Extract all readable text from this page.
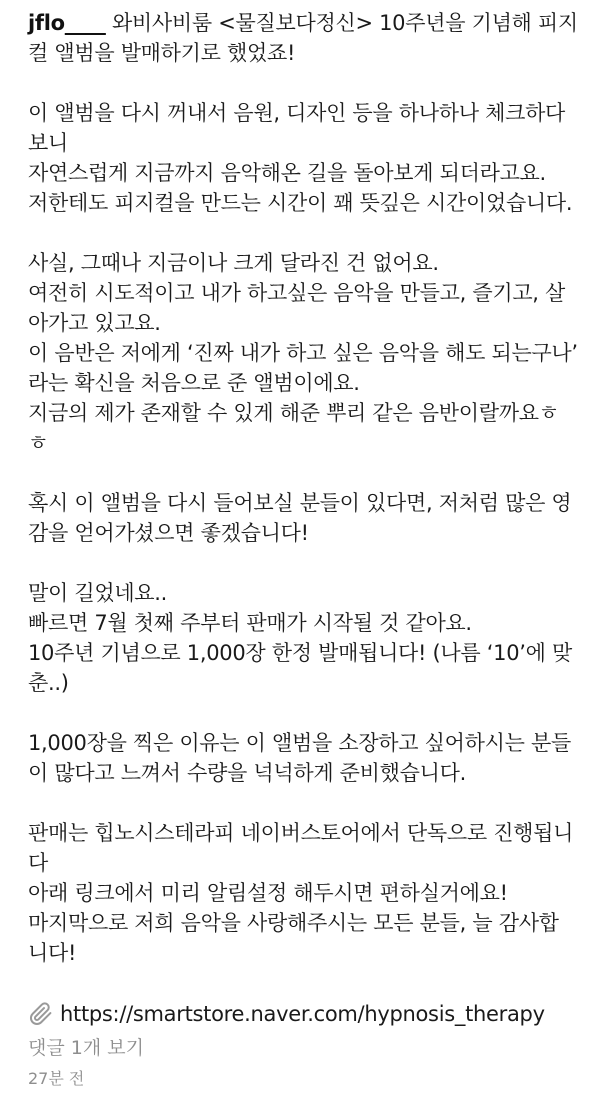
jflo____ 와비사비룸 <물질보다정신> 10주년을 기념해 피지
컬 앨범을 발매하기로 했었죠!
이 앨범을 다시 꺼내서 음원, 디자인 등을 하나하나 체크하다
보니
자연스럽게 지금까지 음악해온 길을 돌아보게 되더라고요.
저한테도 피지컬을 만드는 시간이 꽤 뜻깊은 시간이었습니다.
사실, 그때나 지금이나 크게 달라진 건 없어요.
여전히 시도적이고 내가 하고싶은 음악을 만들고, 즐기고, 살
아가고 있고요.
이 음반은 저에게 ‘진짜 내가 하고 싶은 음악을 해도 되는구나’
라는 확신을 처음으로 준 앨범이에요.
지금의 제가 존재할 수 있게 해준 뿌리 같은 음반이랄까요ㅎ
ㅎ
혹시 이 앨범을 다시 들어보실 분들이 있다면, 저처럼 많은 영
감을 얻어가셨으면 좋겠습니다!
말이 길었네요..
빠르면 7월 첫째 주부터 판매가 시작될 것 같아요.
10주년 기념으로 1,000장 한정 발매됩니다! (나름 ‘10’에 맞
춘..)
1,000장을 찍은 이유는 이 앨범을 소장하고 싶어하시는 분들
이 많다고 느껴서 수량을 넉넉하게 준비했습니다.
판매는 힙노시스테라피 네이버스토어에서 단독으로 진행됩니
다
아래 링크에서 미리 알림설정 해두시면 편하실거에요!
마지막으로 저희 음악을 사랑해주시는 모든 분들, 늘 감사합
니다!
https://smartstore.naver.com/hypnosis_therapy
댓글 1개 보기
27분 전
